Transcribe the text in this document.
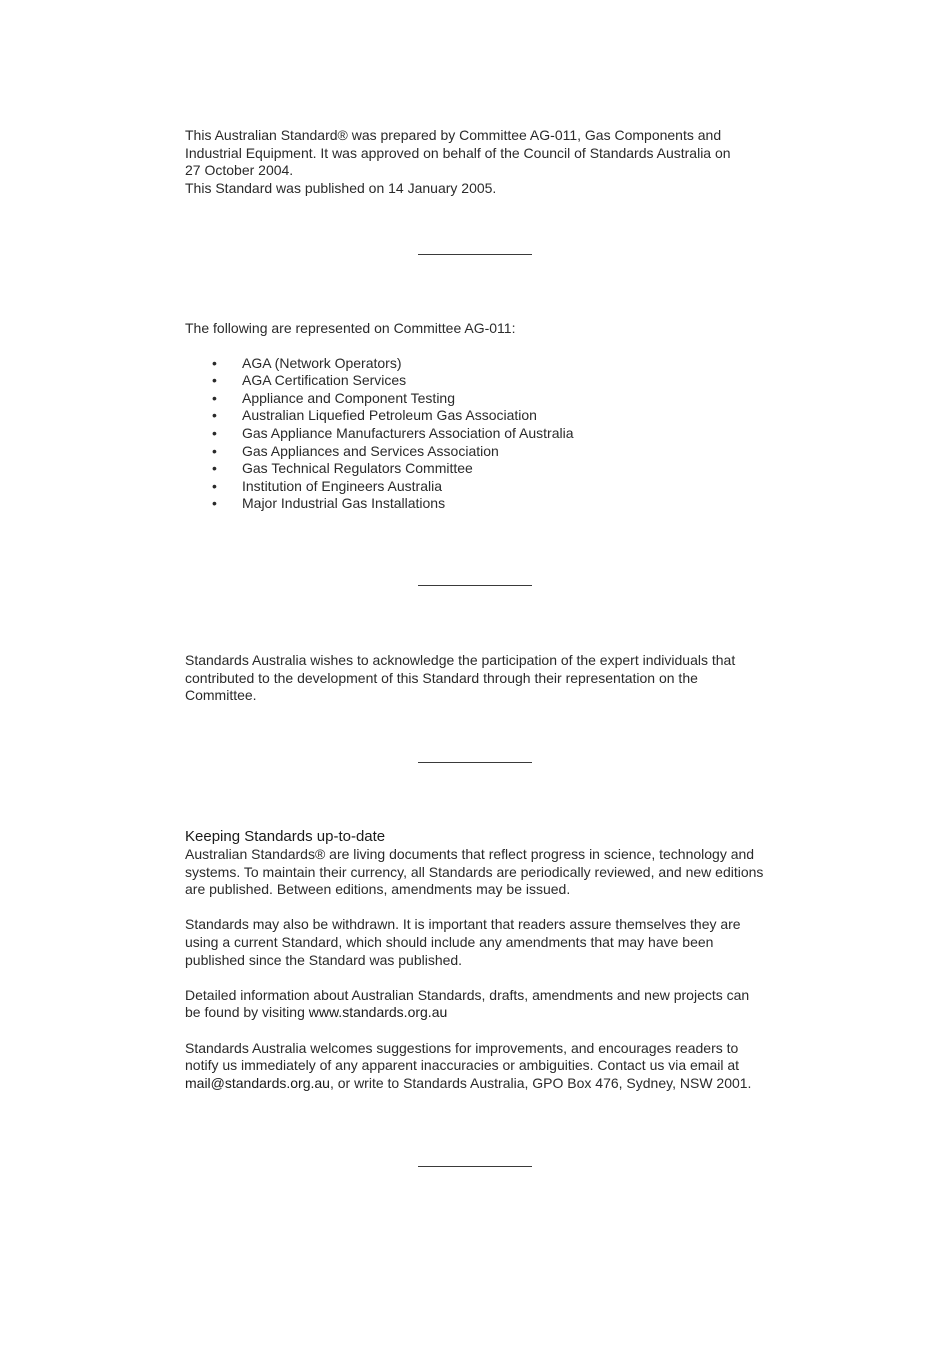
This Australian Standard® was prepared by Committee AG-011, Gas Components and

Industrial Equipment. It was approved on behalf of the Council of Standards Australia on

27 October 2004.

This Standard was published on 14 January 2005.

The following are represented on Committee AG-011:

• AGA (Network Operators)
• AGA Certification Services
• Appliance and Component Testing
• Australian Liquefied Petroleum Gas Association
• Gas Appliance Manufacturers Association of Australia
• Gas Appliances and Services Association
• Gas Technical Regulators Committee
• Institution of Engineers Australia
• Major Industrial Gas Installations

Standards Australia wishes to acknowledge the participation of the expert individuals that

contributed to the development of this Standard through their representation on the

Committee.

Keeping Standards up-to-date

Australian Standards® are living documents that reflect progress in science, technology and
systems. To maintain their currency, all Standards are periodically reviewed, and new editions
are published. Between editions, amendments may be issued.

Standards may also be withdrawn. It is important that readers assure themselves they are
using a current Standard, which should include any amendments that may have been
published since the Standard was published.

Detailed information about Australian Standards, drafts, amendments and new projects can
be found by visiting www.standards.org.au

Standards Australia welcomes suggestions for improvements, and encourages readers to
notify us immediately of any apparent inaccuracies or ambiguities. Contact us via email at
mail@standards.org.au, or write to Standards Australia, GPO Box 476, Sydney, NSW 2001.
